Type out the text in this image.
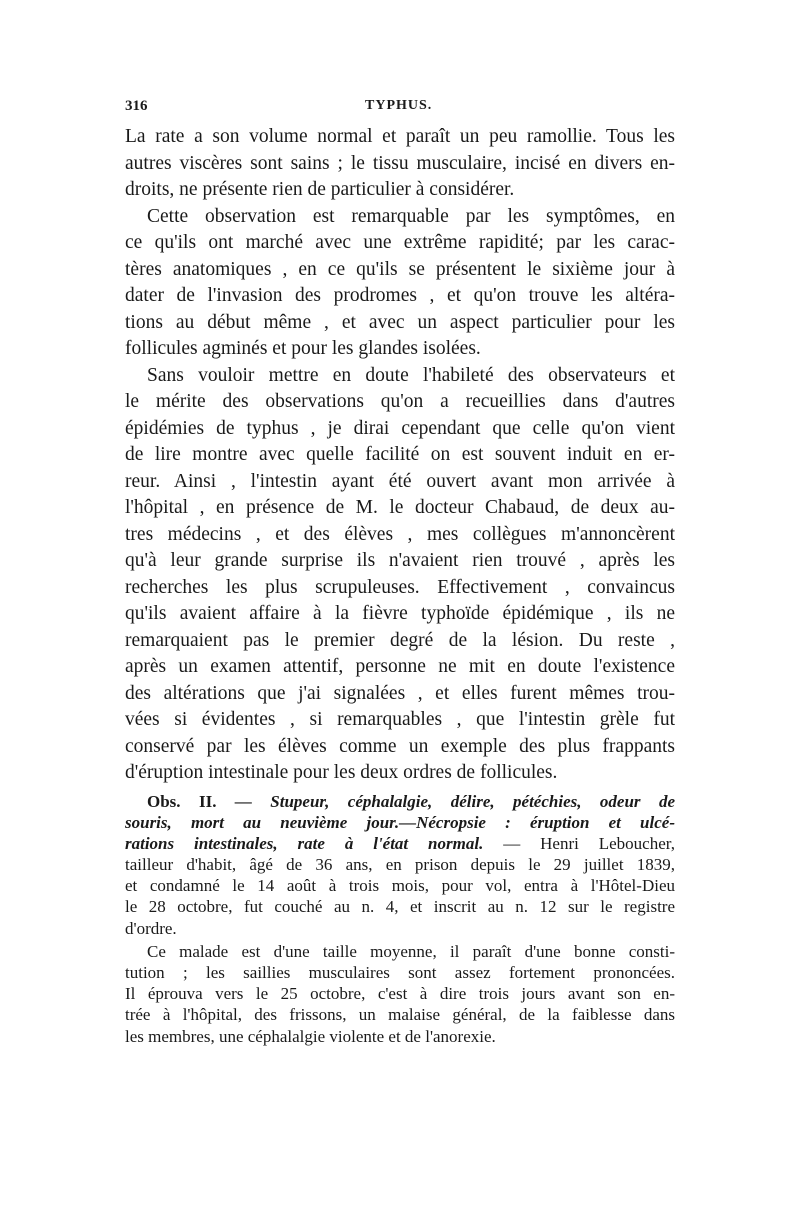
316	TYPHUS.
La rate a son volume normal et paraît un peu ramollie. Tous les
autres viscères sont sains ; le tissu musculaire, incisé en divers en-
droits, ne présente rien de particulier à considérer.
Cette observation est remarquable par les symptômes, en
ce qu'ils ont marché avec une extrême rapidité; par les carac-
tères anatomiques , en ce qu'ils se présentent le sixième jour à
dater de l'invasion des prodromes , et qu'on trouve les altéra-
tions au début même , et avec un aspect particulier pour les
follicules agminés et pour les glandes isolées.
Sans vouloir mettre en doute l'habileté des observateurs et
le mérite des observations qu'on a recueillies dans d'autres
épidémies de typhus , je dirai cependant que celle qu'on vient
de lire montre avec quelle facilité on est souvent induit en er-
reur. Ainsi , l'intestin ayant été ouvert avant mon arrivée à
l'hôpital , en présence de M. le docteur Chabaud, de deux au-
tres médecins , et des élèves , mes collègues m'annoncèrent
qu'à leur grande surprise ils n'avaient rien trouvé , après les
recherches les plus scrupuleuses. Effectivement , convaincus
qu'ils avaient affaire à la fièvre typhoïde épidémique , ils ne
remarquaient pas le premier degré de la lésion. Du reste ,
après un examen attentif, personne ne mit en doute l'existence
des altérations que j'ai signalées , et elles furent mêmes trou-
vées si évidentes , si remarquables , que l'intestin grèle fut
conservé par les élèves comme un exemple des plus frappants
d'éruption intestinale pour les deux ordres de follicules.
Obs. II. — Stupeur, céphalalgie, délire, pétéchies, odeur de
souris, mort au neuvième jour.—Nécropsie : éruption et ulcé-
rations intestinales, rate à l'état normal. — Henri Leboucher,
tailleur d'habit, âgé de 36 ans, en prison depuis le 29 juillet 1839,
et condamné le 14 août à trois mois, pour vol, entra à l'Hôtel-Dieu
le 28 octobre, fut couché au n. 4, et inscrit au n. 12 sur le registre
d'ordre.
Ce malade est d'une taille moyenne, il paraît d'une bonne consti-
tution ; les saillies musculaires sont assez fortement prononcées.
Il éprouva vers le 25 octobre, c'est à dire trois jours avant son en-
trée à l'hôpital, des frissons, un malaise général, de la faiblesse dans
les membres, une céphalalgie violente et de l'anorexie.
